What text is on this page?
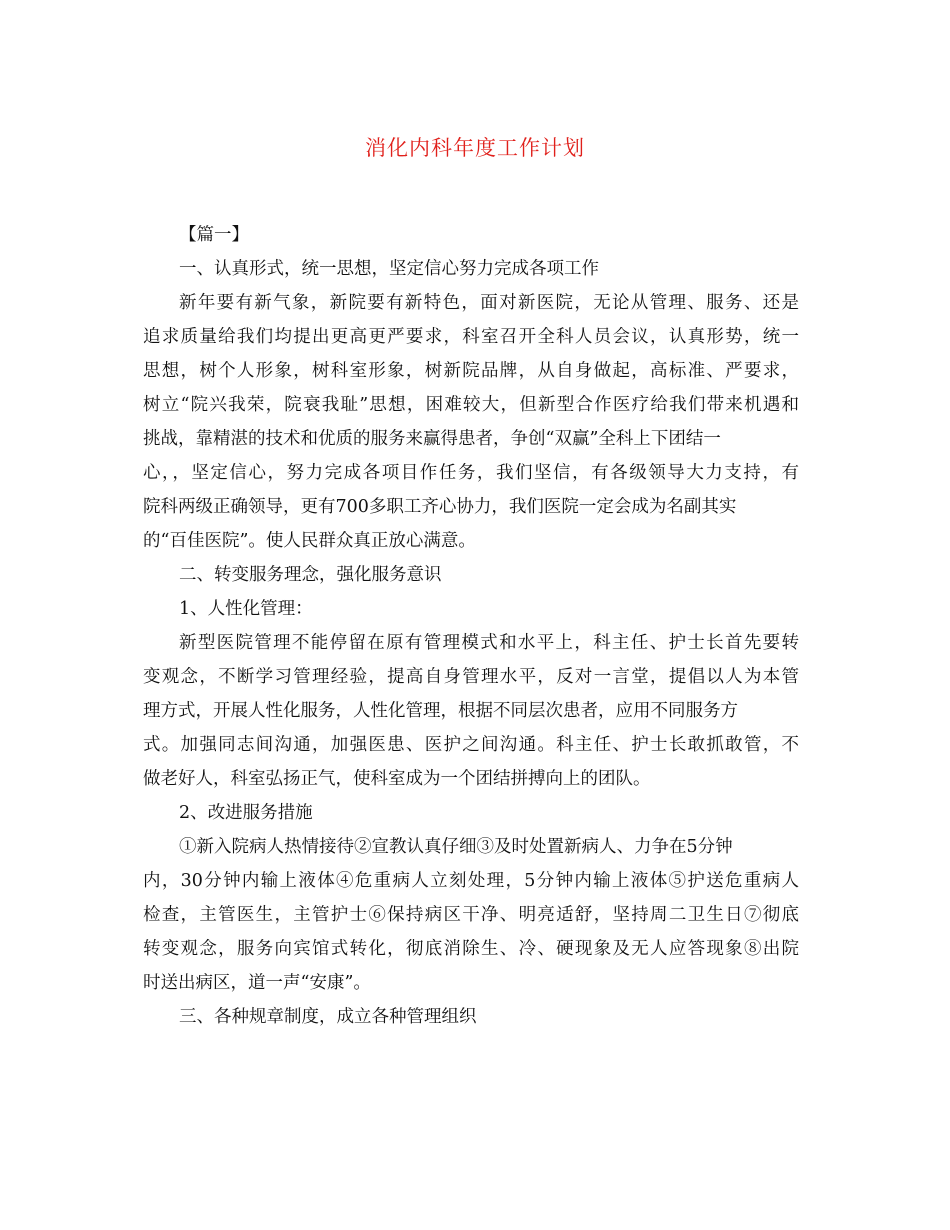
消化内科年度工作计划
【篇一】
一、认真形式，统一思想，坚定信心努力完成各项工作
新年要有新气象，新院要有新特色，面对新医院，无论从管理、服务、还是
追求质量给我们均提出更高更严要求，科室召开全科人员会议，认真形势，统一
思想，树个人形象，树科室形象，树新院品牌，从自身做起，高标准、严要求，
树立“院兴我荣，院衰我耻”思想，困难较大，但新型合作医疗给我们带来机遇和
挑战，靠精湛的技术和优质的服务来赢得患者，争创“双赢”全科上下团结一
心，，坚定信心，努力完成各项目作任务，我们坚信，有各级领导大力支持，有
院科两级正确领导，更有700多职工齐心协力，我们医院一定会成为名副其实
的“百佳医院”。使人民群众真正放心满意。
二、转变服务理念，强化服务意识
1、人性化管理：
新型医院管理不能停留在原有管理模式和水平上，科主任、护士长首先要转
变观念，不断学习管理经验，提高自身管理水平，反对一言堂，提倡以人为本管
理方式，开展人性化服务，人性化管理，根据不同层次患者，应用不同服务方
式。加强同志间沟通，加强医患、医护之间沟通。科主任、护士长敢抓敢管，不
做老好人，科室弘扬正气，使科室成为一个团结拼搏向上的团队。
2、改进服务措施
①新入院病人热情接待②宣教认真仔细③及时处置新病人、力争在5分钟
内，30分钟内输上液体④危重病人立刻处理，5分钟内输上液体⑤护送危重病人
检查，主管医生，主管护士⑥保持病区干净、明亮适舒，坚持周二卫生日⑦彻底
转变观念，服务向宾馆式转化，彻底消除生、冷、硬现象及无人应答现象⑧出院
时送出病区，道一声“安康”。
三、各种规章制度，成立各种管理组织
